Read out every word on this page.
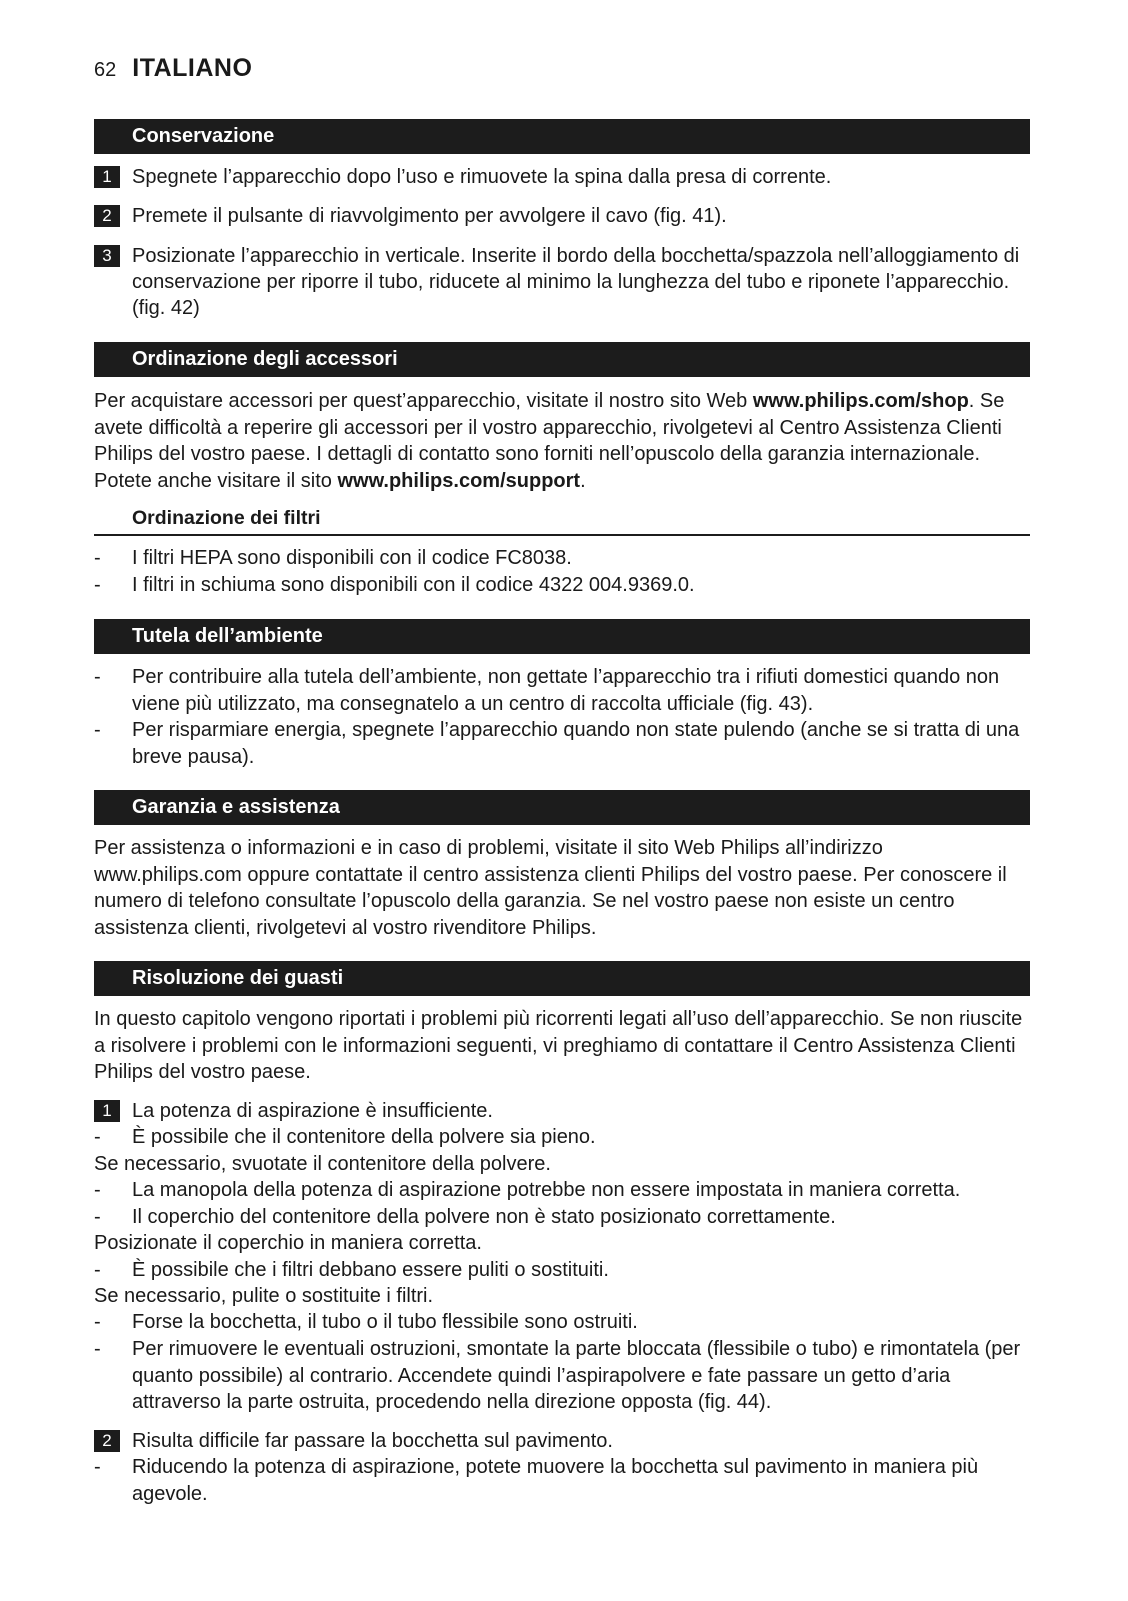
62 ITALIANO
Conservazione
1	Spegnete l’apparecchio dopo l’uso e rimuovete la spina dalla presa di corrente.
2	Premete il pulsante di riavvolgimento per avvolgere il cavo (fig. 41).
3	Posizionate l’apparecchio in verticale. Inserite il bordo della bocchetta/spazzola nell’alloggiamento di conservazione per riporre il tubo, riducete al minimo la lunghezza del tubo e riponete l’apparecchio. (fig. 42)
Ordinazione degli accessori
Per acquistare accessori per quest’apparecchio, visitate il nostro sito Web www.philips.com/shop. Se avete difficoltà a reperire gli accessori per il vostro apparecchio, rivolgetevi al Centro Assistenza Clienti Philips del vostro paese. I dettagli di contatto sono forniti nell’opuscolo della garanzia internazionale. Potete anche visitare il sito www.philips.com/support.
Ordinazione dei filtri
- I filtri HEPA sono disponibili con il codice FC8038.
- I filtri in schiuma sono disponibili con il codice 4322 004.9369.0.
Tutela dell’ambiente
- Per contribuire alla tutela dell’ambiente, non gettate l’apparecchio tra i rifiuti domestici quando non viene più utilizzato, ma consegnatelo a un centro di raccolta ufficiale (fig. 43).
- Per risparmiare energia, spegnete l’apparecchio quando non state pulendo (anche se si tratta di una breve pausa).
Garanzia e assistenza
Per assistenza o informazioni e in caso di problemi, visitate il sito Web Philips all’indirizzo www.philips.com oppure contattate il centro assistenza clienti Philips del vostro paese. Per conoscere il numero di telefono consultate l’opuscolo della garanzia. Se nel vostro paese non esiste un centro assistenza clienti, rivolgetevi al vostro rivenditore Philips.
Risoluzione dei guasti
In questo capitolo vengono riportati i problemi più ricorrenti legati all’uso dell’apparecchio. Se non riuscite a risolvere i problemi con le informazioni seguenti, vi preghiamo di contattare il Centro Assistenza Clienti Philips del vostro paese.
1	La potenza di aspirazione è insufficiente.
- È possibile che il contenitore della polvere sia pieno.
Se necessario, svuotate il contenitore della polvere.
- La manopola della potenza di aspirazione potrebbe non essere impostata in maniera corretta.
- Il coperchio del contenitore della polvere non è stato posizionato correttamente.
Posizionate il coperchio in maniera corretta.
- È possibile che i filtri debbano essere puliti o sostituiti.
Se necessario, pulite o sostituite i filtri.
- Forse la bocchetta, il tubo o il tubo flessibile sono ostruiti.
- Per rimuovere le eventuali ostruzioni, smontate la parte bloccata (flessibile o tubo) e rimontatela (per quanto possibile) al contrario. Accendete quindi l’aspirapolvere e fate passare un getto d’aria attraverso la parte ostruita, procedendo nella direzione opposta (fig. 44).
2	Risulta difficile far passare la bocchetta sul pavimento.
- Riducendo la potenza di aspirazione, potete muovere la bocchetta sul pavimento in maniera più agevole.
